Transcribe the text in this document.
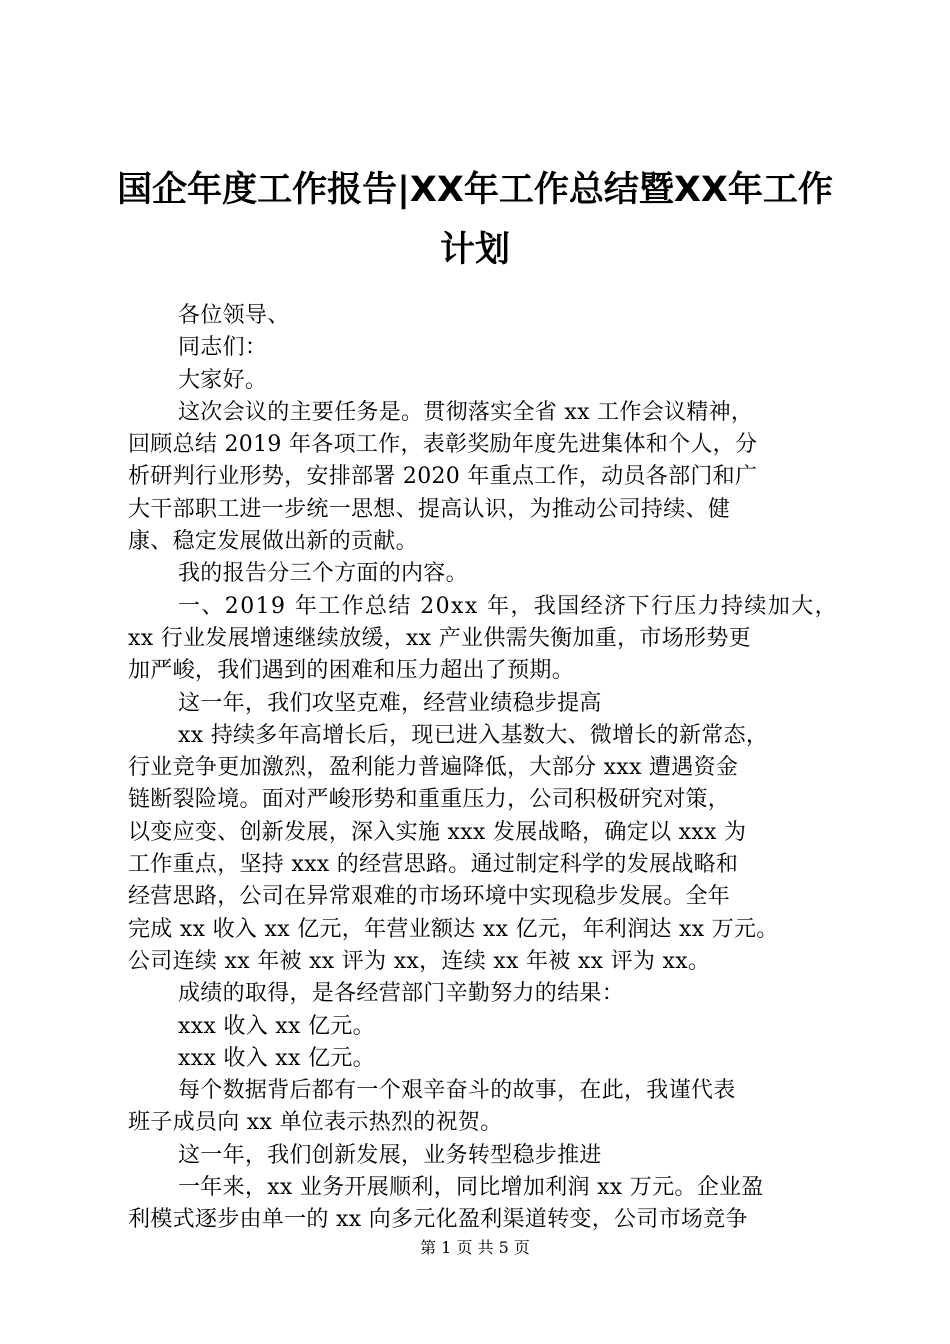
国企年度工作报告|XX年工作总结暨XX年工作
计划
各位领导、
同志们：
大家好。
这次会议的主要任务是。贯彻落实全省 xx 工作会议精神，
回顾总结 2019 年各项工作，表彰奖励年度先进集体和个人，分
析研判行业形势，安排部署 2020 年重点工作，动员各部门和广
大干部职工进一步统一思想、提高认识，为推动公司持续、健
康、稳定发展做出新的贡献。
我的报告分三个方面的内容。
一、2019 年工作总结 20xx 年，我国经济下行压力持续加大，
xx 行业发展增速继续放缓，xx 产业供需失衡加重，市场形势更
加严峻，我们遇到的困难和压力超出了预期。
这一年，我们攻坚克难，经营业绩稳步提高
xx 持续多年高增长后，现已进入基数大、微增长的新常态，
行业竞争更加激烈，盈利能力普遍降低，大部分 xxx 遭遇资金
链断裂险境。面对严峻形势和重重压力，公司积极研究对策，
以变应变、创新发展，深入实施 xxx 发展战略，确定以 xxx 为
工作重点，坚持 xxx 的经营思路。通过制定科学的发展战略和
经营思路，公司在异常艰难的市场环境中实现稳步发展。全年
完成 xx 收入 xx 亿元，年营业额达 xx 亿元，年利润达 xx 万元。
公司连续 xx 年被 xx 评为 xx，连续 xx 年被 xx 评为 xx。
成绩的取得，是各经营部门辛勤努力的结果：
xxx 收入 xx 亿元。
xxx 收入 xx 亿元。
每个数据背后都有一个艰辛奋斗的故事，在此，我谨代表
班子成员向 xx 单位表示热烈的祝贺。
这一年，我们创新发展，业务转型稳步推进
一年来，xx 业务开展顺利，同比增加利润 xx 万元。企业盈
利模式逐步由单一的 xx 向多元化盈利渠道转变，公司市场竞争
第 1 页 共 5 页
